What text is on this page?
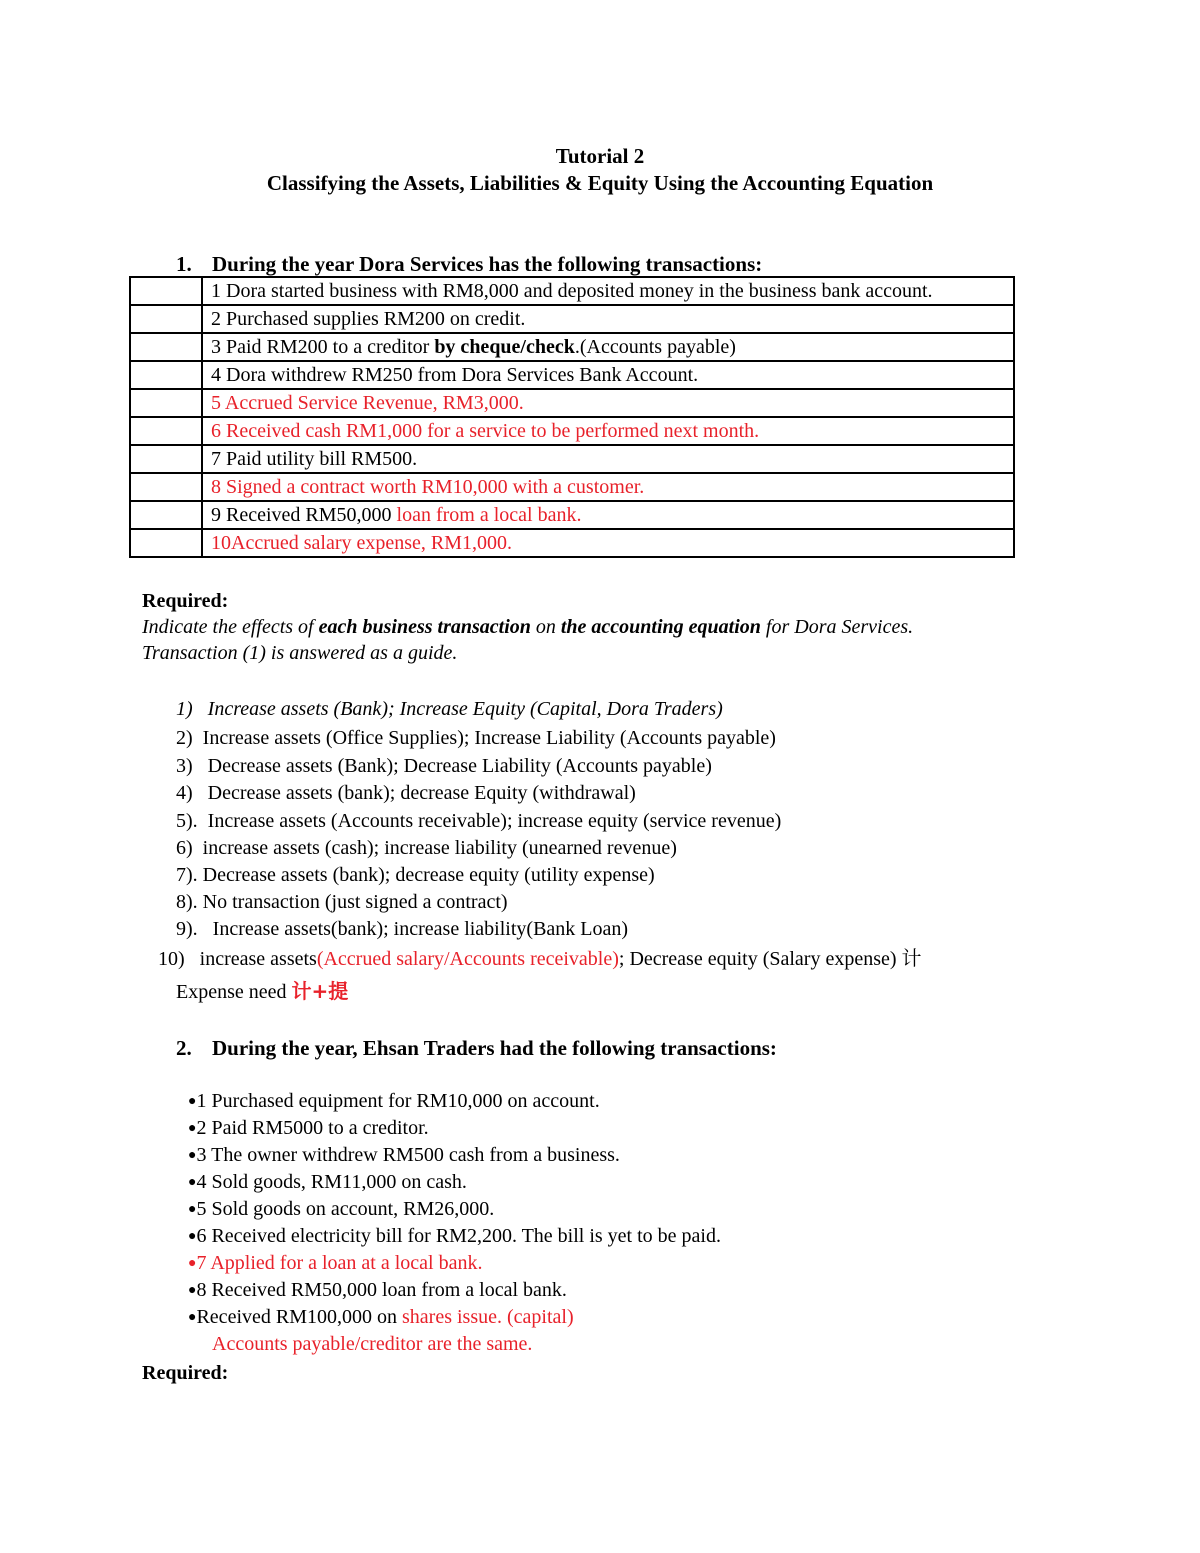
Tutorial 2
Classifying the Assets, Liabilities & Equity Using the Accounting Equation
1. During the year Dora Services has the following transactions:
	1 Dora started business with RM8,000 and deposited money in the business bank account.
	2 Purchased supplies RM200 on credit.
	3 Paid RM200 to a creditor by cheque/check.(Accounts payable)
	4 Dora withdrew RM250 from Dora Services Bank Account.
	5 Accrued Service Revenue, RM3,000.
	6 Received cash RM1,000 for a service to be performed next month.
	7 Paid utility bill RM500.
	8 Signed a contract worth RM10,000 with a customer.
	9 Received RM50,000 loan from a local bank.
	10Accrued salary expense, RM1,000.
Required:
Indicate the effects of each business transaction on the accounting equation for Dora Services.
Transaction (1) is answered as a guide.
1)   Increase assets (Bank); Increase Equity (Capital, Dora Traders)
2)  Increase assets (Office Supplies); Increase Liability (Accounts payable)
3)   Decrease assets (Bank); Decrease Liability (Accounts payable)
4)   Decrease assets (bank); decrease Equity (withdrawal)
5).  Increase assets (Accounts receivable); increase equity (service revenue)
6)  increase assets (cash); increase liability (unearned revenue)
7). Decrease assets (bank); decrease equity (utility expense)
8). No transaction (just signed a contract)
9).   Increase assets(bank); increase liability(Bank Loan)
10)   increase assets(Accrued salary/Accounts receivable); Decrease equity (Salary expense) 计
Expense need 计+提
2. During the year, Ehsan Traders had the following transactions:
●1 Purchased equipment for RM10,000 on account.
●2 Paid RM5000 to a creditor.
●3 The owner withdrew RM500 cash from a business.
●4 Sold goods, RM11,000 on cash.
●5 Sold goods on account, RM26,000.
●6 Received electricity bill for RM2,200. The bill is yet to be paid.
●7 Applied for a loan at a local bank.
●8 Received RM50,000 loan from a local bank.
●Received RM100,000 on shares issue. (capital)
Accounts payable/creditor are the same.
Required:
